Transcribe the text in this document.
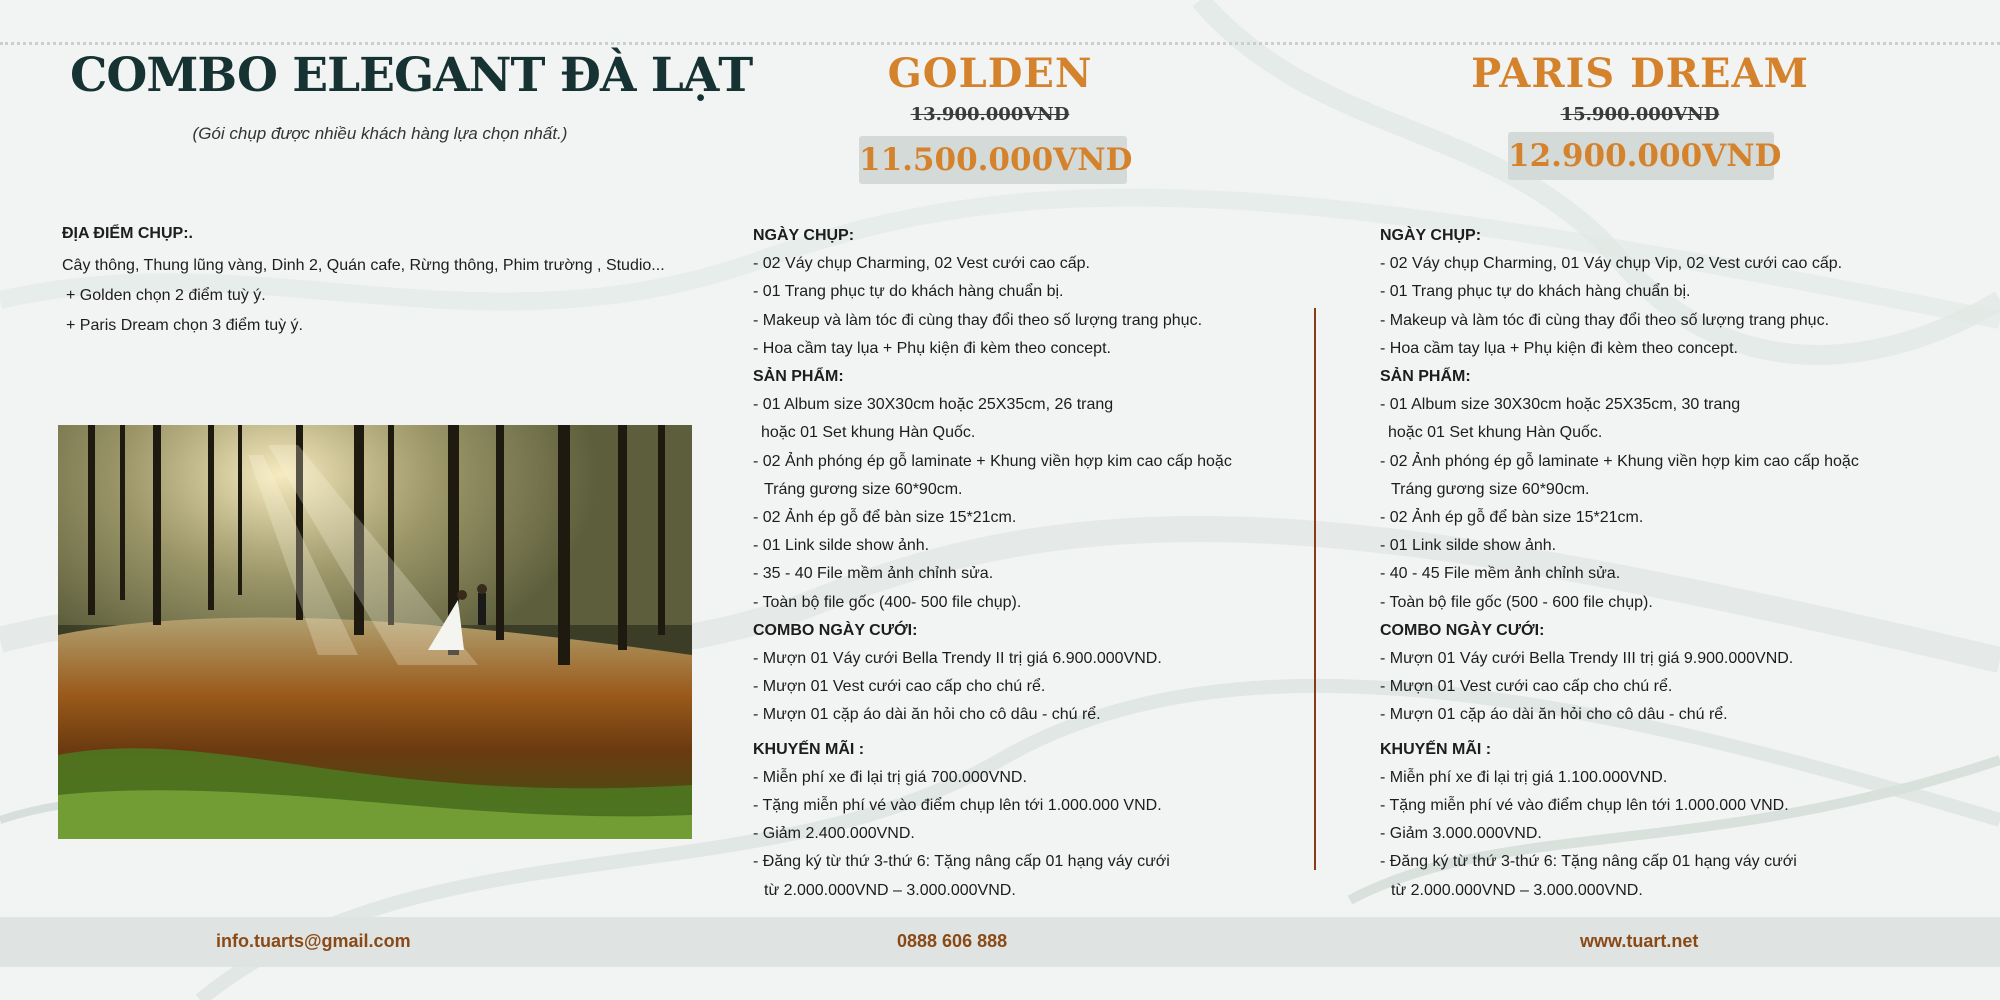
COMBO ELEGANT ĐÀ LẠT
(Gói chụp được nhiều khách hàng lựa chọn nhất.)
ĐỊA ĐIỂM CHỤP:.
Cây thông, Thung lũng vàng, Dinh 2, Quán cafe, Rừng thông, Phim trường , Studio...
+ Golden chọn 2 điểm tuỳ ý.
+ Paris Dream chọn 3 điểm tuỳ ý.
GOLDEN
13.900.000VND
11.500.000VND
PARIS DREAM
15.900.000VND
12.900.000VND
NGÀY CHỤP:
- 02 Váy chụp Charming, 02 Vest cưới cao cấp.
- 01 Trang phục tự do khách hàng chuẩn bị.
- Makeup và làm tóc đi cùng thay đổi theo số lượng trang phục.
- Hoa cầm tay lụa + Phụ kiện đi kèm theo concept.
SẢN PHẨM:
- 01 Album size 30X30cm hoặc 25X35cm, 26 trang
hoặc 01 Set khung Hàn Quốc.
- 02 Ảnh phóng ép gỗ laminate + Khung viền hợp kim cao cấp hoặc
Tráng gương size 60*90cm.
- 02 Ảnh ép gỗ để bàn size 15*21cm.
- 01 Link silde show ảnh.
- 35 - 40 File mềm ảnh chỉnh sửa.
- Toàn bộ file gốc (400- 500 file chụp).
COMBO NGÀY CƯỚI:
- Mượn 01 Váy cưới Bella Trendy II trị giá 6.900.000VND.
- Mượn 01 Vest cưới cao cấp cho chú rể.
- Mượn 01 cặp áo dài ăn hỏi cho cô dâu - chú rể.
KHUYẾN MÃI :
- Miễn phí xe đi lại trị giá 700.000VND.
- Tặng miễn phí vé vào điểm chụp lên tới 1.000.000 VND.
- Giảm 2.400.000VND.
- Đăng ký từ thứ 3-thứ 6: Tặng nâng cấp 01 hạng váy cưới
từ 2.000.000VND – 3.000.000VND.
NGÀY CHỤP:
- 02 Váy chụp Charming, 01 Váy chụp Vip, 02 Vest cưới cao cấp.
- 01 Trang phục tự do khách hàng chuẩn bị.
- Makeup và làm tóc đi cùng thay đổi theo số lượng trang phục.
- Hoa cầm tay lụa + Phụ kiện đi kèm theo concept.
SẢN PHẨM:
- 01 Album size 30X30cm hoặc 25X35cm, 30 trang
hoặc 01 Set khung Hàn Quốc.
- 02 Ảnh phóng ép gỗ laminate + Khung viền hợp kim cao cấp hoặc
Tráng gương size 60*90cm.
- 02 Ảnh ép gỗ để bàn size 15*21cm.
- 01 Link silde show ảnh.
- 40 - 45 File mềm ảnh chỉnh sửa.
- Toàn bộ file gốc (500 - 600 file chụp).
COMBO NGÀY CƯỚI:
- Mượn 01 Váy cưới Bella Trendy III trị giá 9.900.000VND.
- Mượn 01 Vest cưới cao cấp cho chú rể.
- Mượn 01 cặp áo dài ăn hỏi cho cô dâu - chú rể.
KHUYẾN MÃI :
- Miễn phí xe đi lại trị giá 1.100.000VND.
- Tặng miễn phí vé vào điểm chụp lên tới 1.000.000 VND.
- Giảm 3.000.000VND.
- Đăng ký từ thứ 3-thứ 6: Tặng nâng cấp 01 hạng váy cưới
từ 2.000.000VND – 3.000.000VND.
info.tuarts@gmail.com	0888 606 888	www.tuart.net
